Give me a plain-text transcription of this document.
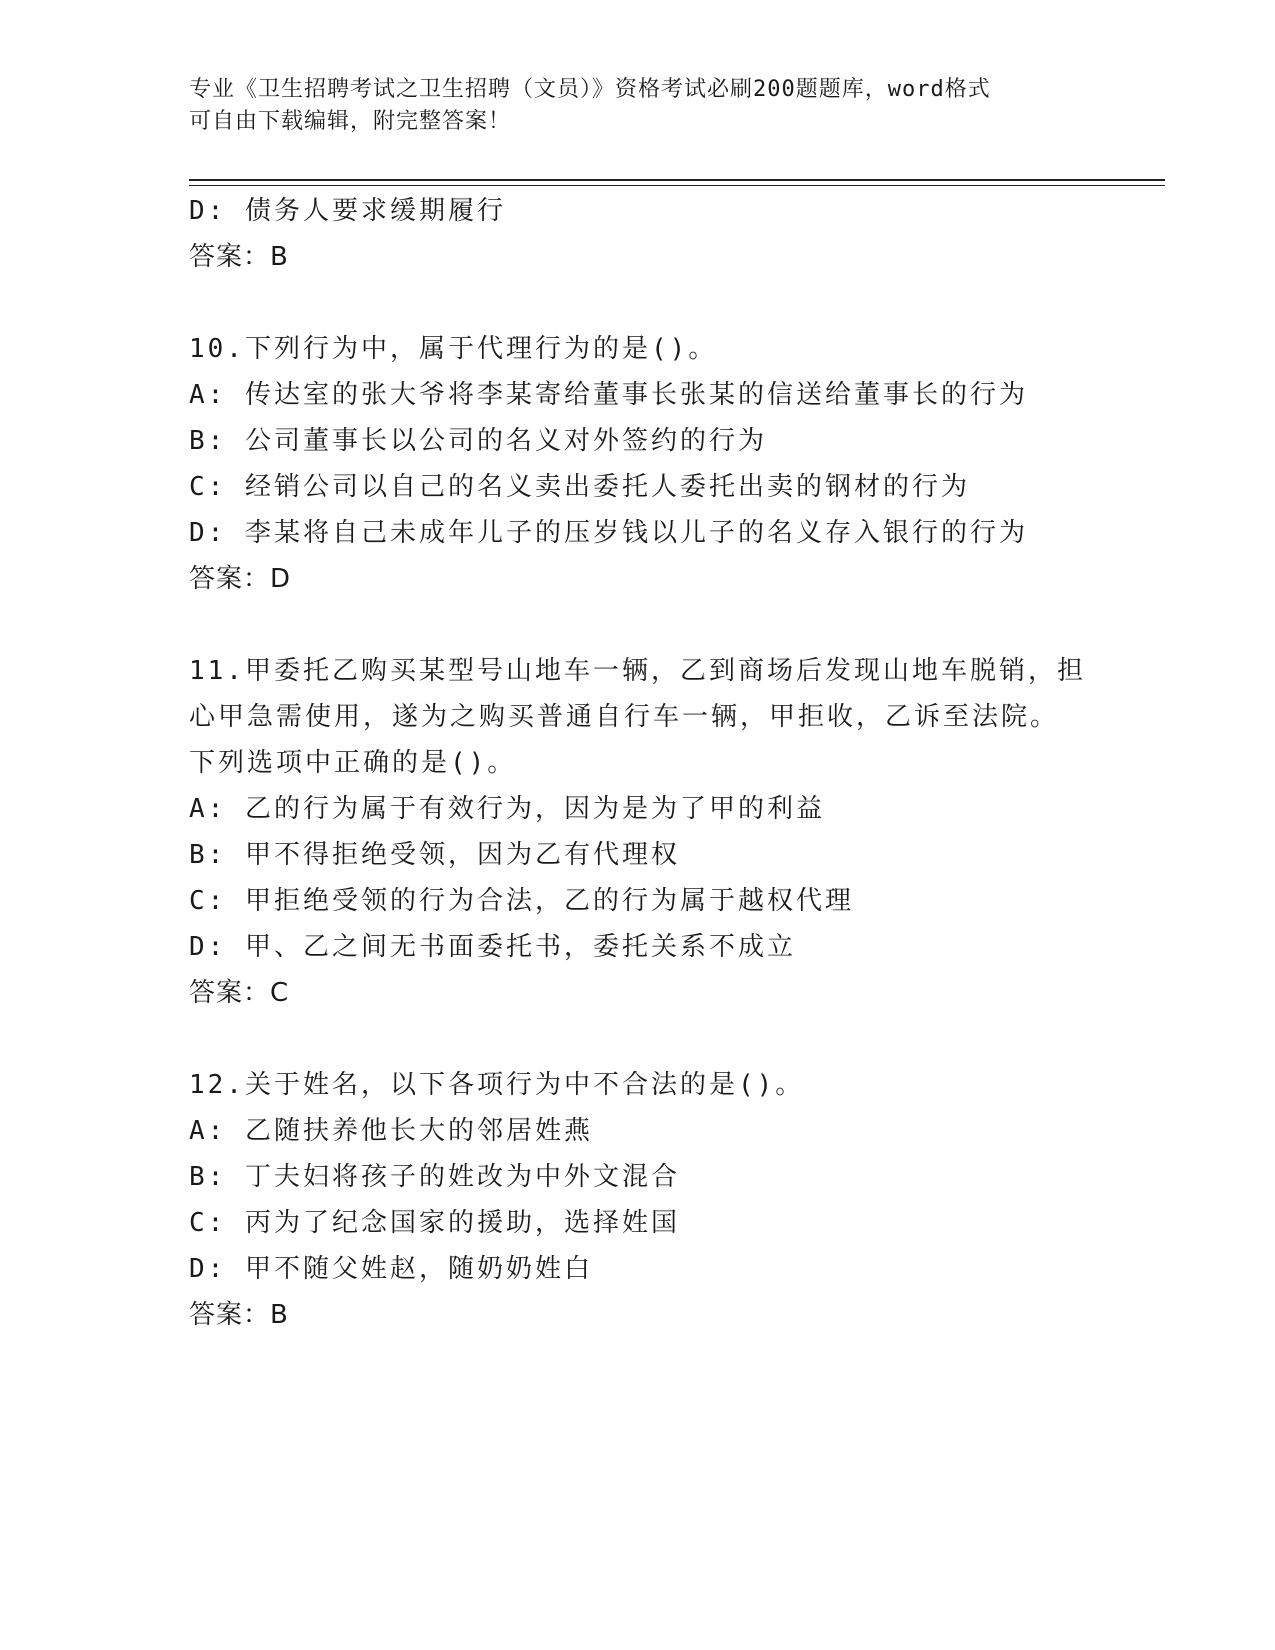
专业《卫生招聘考试之卫生招聘（文员）》资格考试必刷200题题库，word格式
可自由下载编辑，附完整答案！
D: 债务人要求缓期履行
答案：B
10.下列行为中，属于代理行为的是()。
A: 传达室的张大爷将李某寄给董事长张某的信送给董事长的行为
B: 公司董事长以公司的名义对外签约的行为
C: 经销公司以自己的名义卖出委托人委托出卖的钢材的行为
D: 李某将自己未成年儿子的压岁钱以儿子的名义存入银行的行为
答案：D
11.甲委托乙购买某型号山地车一辆，乙到商场后发现山地车脱销，担
心甲急需使用，遂为之购买普通自行车一辆，甲拒收，乙诉至法院。
下列选项中正确的是()。
A: 乙的行为属于有效行为，因为是为了甲的利益
B: 甲不得拒绝受领，因为乙有代理权
C: 甲拒绝受领的行为合法，乙的行为属于越权代理
D: 甲、乙之间无书面委托书，委托关系不成立
答案：C
12.关于姓名，以下各项行为中不合法的是()。
A: 乙随扶养他长大的邻居姓燕
B: 丁夫妇将孩子的姓改为中外文混合
C: 丙为了纪念国家的援助，选择姓国
D: 甲不随父姓赵，随奶奶姓白
答案：B
